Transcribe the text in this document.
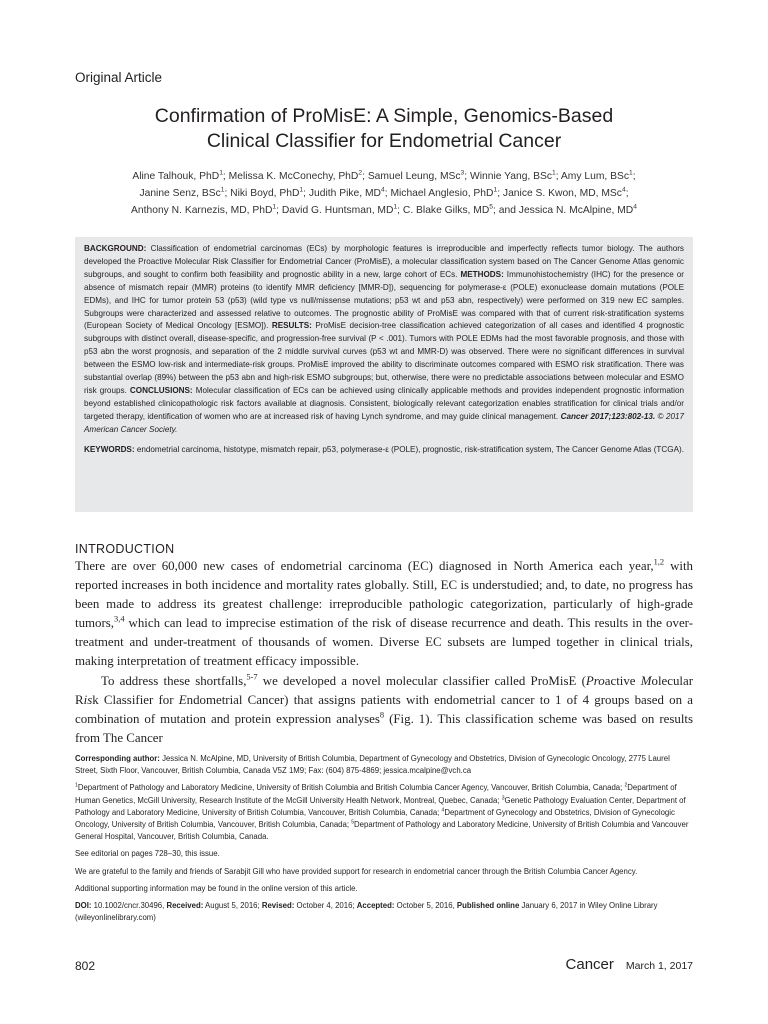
Original Article
Confirmation of ProMisE: A Simple, Genomics-Based
Clinical Classifier for Endometrial Cancer
Aline Talhouk, PhD$^1$; Melissa K. McConechy, PhD$^2$; Samuel Leung, MSc$^3$; Winnie Yang, BSc$^1$; Amy Lum, BSc$^1$;
Janine Senz, BSc$^1$; Niki Boyd, PhD$^1$; Judith Pike, $MD^4$; Michael Anglesio, PhD$^1$; Janice S. Kwon, MD, MSc$^4$;
Anthony N. Karnezis, MD, PhD$^1$; David G. Huntsman, $MD^1$; C. Blake Gilks, $MD^5$; and Jessica N. McAlpine, $MD^4$

BACKGROUND: Classification of endometrial carcinomas (ECs) by morphologic features is irreproducible and imperfectly reflects tumor biology. The authors developed the Proactive Molecular Risk Classifier for Endometrial Cancer (ProMisE), a molecular classification system based on The Cancer Genome Atlas genomic subgroups, and sought to confirm both feasibility and prognostic ability in a new, large cohort of ECs. METHODS: Immunohistochemistry (IHC) for the presence or absence of mismatch repair (MMR) proteins (to identify MMR deficiency [MMR-D]), sequencing for polymerase-ε (POLE) exonuclease domain mutations (POLE EDMs), and IHC for tumor protein 53 (p53) (wild type vs null/missense mutations; p53 wt and p53 abn, respectively) were performed on 319 new EC samples. Subgroups were characterized and assessed relative to outcomes. The prognostic ability of ProMisE was compared with that of current risk-stratification systems (European Society of Medical Oncology [ESMO]). RESULTS: ProMisE decision-tree classification achieved categorization of all cases and identified 4 prognostic subgroups with distinct overall, disease-specific, and progression-free survival (P < .001). Tumors with POLE EDMs had the most favorable prognosis, and those with p53 abn the worst prognosis, and separation of the 2 middle survival curves (p53 wt and MMR-D) was observed. There were no significant differences in survival between the ESMO low-risk and intermediate-risk groups. ProMisE improved the ability to discriminate outcomes compared with ESMO risk stratification. There was substantial overlap (89%) between the p53 abn and high-risk ESMO subgroups; but, otherwise, there were no predictable associations between molecular and ESMO risk groups. CONCLUSIONS: Molecular classification of ECs can be achieved using clinically applicable methods and provides independent prognostic information beyond established clinicopathologic risk factors available at diagnosis. Consistent, biologically relevant categorization enables stratification for clinical trials and/or targeted therapy, identification of women who are at increased risk of having Lynch syndrome, and may guide clinical management. Cancer 2017;123:802-13. © 2017 American Cancer Society.

KEYWORDS: endometrial carcinoma, histotype, mismatch repair, p53, polymerase-ε (POLE), prognostic, risk-stratification system, The Cancer Genome Atlas (TCGA).

INTRODUCTION

There are over 60,000 new cases of endometrial carcinoma (EC) diagnosed in North America each year,$^{1,2}$ with reported increases in both incidence and mortality rates globally. Still, EC is understudied; and, to date, no progress has been made to address its greatest challenge: irreproducible pathologic categorization, particularly of high-grade tumors,$^{3,4}$ which can lead to imprecise estimation of the risk of disease recurrence and death. This results in the over-treatment and under-treatment of thousands of women. Diverse EC subsets are lumped together in clinical trials, making interpretation of treatment efficacy impossible.

To address these shortfalls,$^{5-7}$ we developed a novel molecular classifier called ProMisE (Proactive Molecular Risk Classifier for Endometrial Cancer) that assigns patients with endometrial cancer to 1 of 4 groups based on a combination of mutation and protein expression analyses$^8$ (Fig. 1). This classification scheme was based on results from The Cancer

Corresponding author: Jessica N. McAlpine, MD, University of British Columbia, Department of Gynecology and Obstetrics, Division of Gynecologic Oncology, 2775 Laurel Street, Sixth Floor, Vancouver, British Columbia, Canada V5Z 1M9; Fax: (604) 875-4869; jessica.mcalpine@vch.ca

$^1$Department of Pathology and Laboratory Medicine, University of British Columbia and British Columbia Cancer Agency, Vancouver, British Columbia, Canada; $^2$Department of Human Genetics, McGill University, Research Institute of the McGill University Health Network, Montreal, Quebec, Canada; $^3$Genetic Pathology Evaluation Center, Department of Pathology and Laboratory Medicine, University of British Columbia, Vancouver, British Columbia, Canada; $^4$Department of Gynecology and Obstetrics, Division of Gynecologic Oncology, University of British Columbia, Vancouver, British Columbia, Canada; $^5$Department of Pathology and Laboratory Medicine, University of British Columbia and Vancouver General Hospital, Vancouver, British Columbia, Canada.

See editorial on pages 728–30, this issue.

We are grateful to the family and friends of Sarabjit Gill who have provided support for research in endometrial cancer through the British Columbia Cancer Agency.

Additional supporting information may be found in the online version of this article.

DOI: 10.1002/cncr.30496, Received: August 5, 2016; Revised: October 4, 2016; Accepted: October 5, 2016, Published online January 6, 2017 in Wiley Online Library (wileyonlinelibrary.com)

802	Cancer March 1, 2017
